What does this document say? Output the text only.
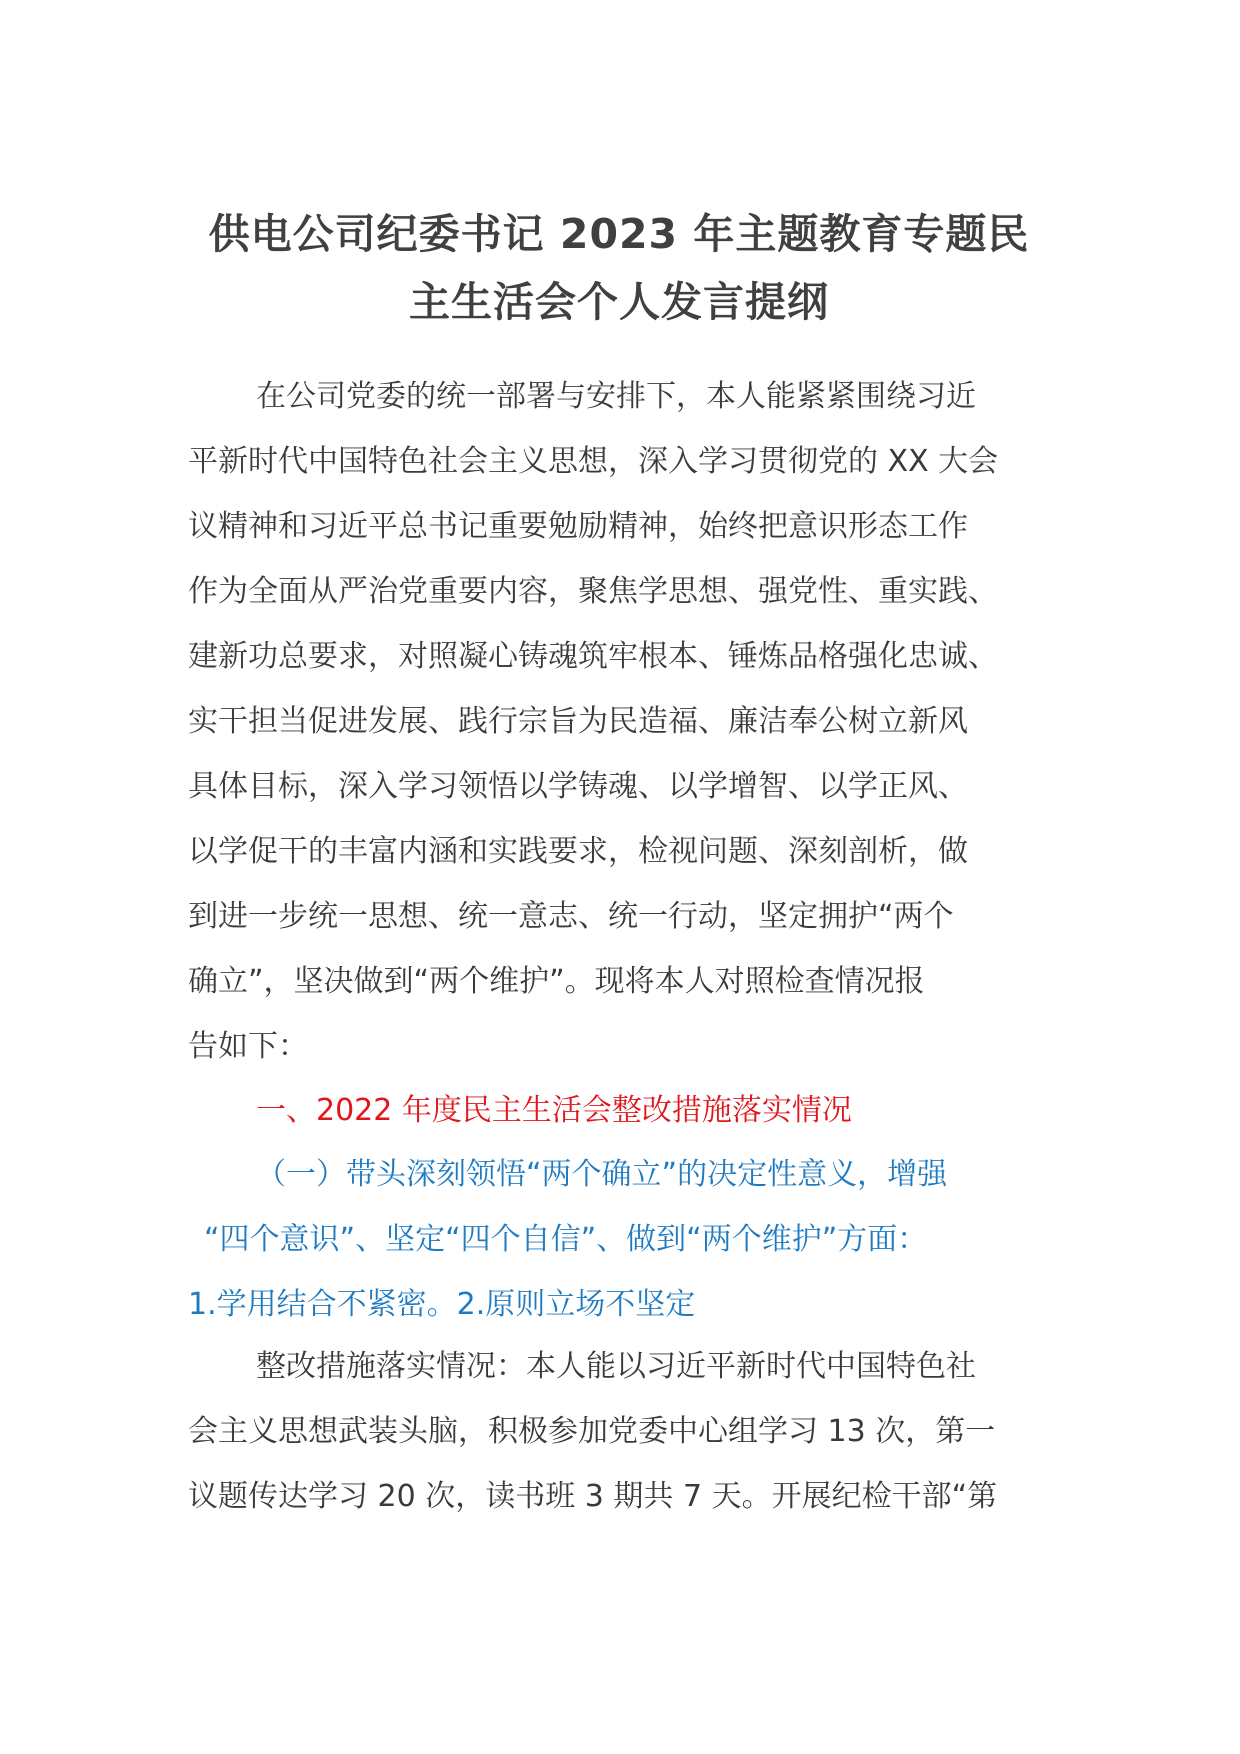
供电公司纪委书记 2023 年主题教育专题民
主生活会个人发言提纲
在公司党委的统一部署与安排下，本人能紧紧围绕习近
平新时代中国特色社会主义思想，深入学习贯彻党的 XX 大会
议精神和习近平总书记重要勉励精神，始终把意识形态工作
作为全面从严治党重要内容，聚焦学思想、强党性、重实践、
建新功总要求，对照凝心铸魂筑牢根本、锤炼品格强化忠诚、
实干担当促进发展、践行宗旨为民造福、廉洁奉公树立新风
具体目标，深入学习领悟以学铸魂、以学增智、以学正风、
以学促干的丰富内涵和实践要求，检视问题、深刻剖析，做
到进一步统一思想、统一意志、统一行动，坚定拥护“两个
确立”，坚决做到“两个维护”。现将本人对照检查情况报
告如下：
一、2022 年度民主生活会整改措施落实情况
（一）带头深刻领悟“两个确立”的决定性意义，增强
“四个意识”、坚定“四个自信”、做到“两个维护”方面：
1.学用结合不紧密。2.原则立场不坚定
整改措施落实情况：本人能以习近平新时代中国特色社
会主义思想武装头脑，积极参加党委中心组学习 13 次，第一
议题传达学习 20 次，读书班 3 期共 7 天。开展纪检干部“第
